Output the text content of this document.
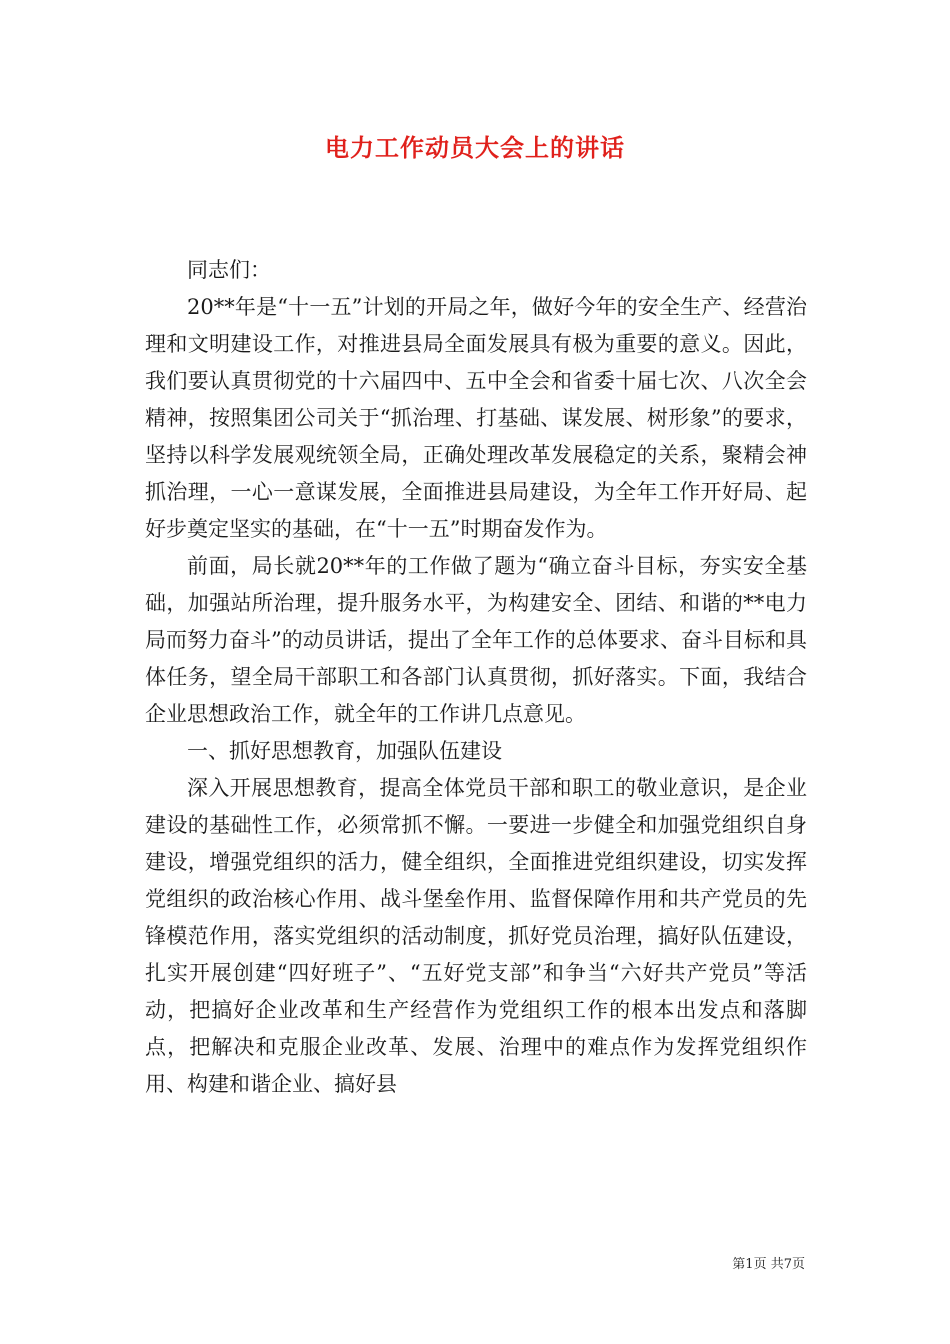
电力工作动员大会上的讲话

同志们：

20**年是“十一五”计划的开局之年，做好今年的安全生产、经营治理和文明建设工作，对推进县局全面发展具有极为重要的意义。因此，我们要认真贯彻党的十六届四中、五中全会和省委十届七次、八次全会精神，按照集团公司关于“抓治理、打基础、谋发展、树形象”的要求，坚持以科学发展观统领全局，正确处理改革发展稳定的关系，聚精会神抓治理，一心一意谋发展，全面推进县局建设，为全年工作开好局、起好步奠定坚实的基础，在“十一五”时期奋发作为。

前面，局长就20**年的工作做了题为“确立奋斗目标，夯实安全基础，加强站所治理，提升服务水平，为构建安全、团结、和谐的**电力局而努力奋斗”的动员讲话，提出了全年工作的总体要求、奋斗目标和具体任务，望全局干部职工和各部门认真贯彻，抓好落实。下面，我结合企业思想政治工作，就全年的工作讲几点意见。

一、抓好思想教育，加强队伍建设

深入开展思想教育，提高全体党员干部和职工的敬业意识，是企业建设的基础性工作，必须常抓不懈。一要进一步健全和加强党组织自身建设，增强党组织的活力，健全组织，全面推进党组织建设，切实发挥党组织的政治核心作用、战斗堡垒作用、监督保障作用和共产党员的先锋模范作用，落实党组织的活动制度，抓好党员治理，搞好队伍建设，扎实开展创建“四好班子”、“五好党支部”和争当“六好共产党员”等活动，把搞好企业改革和生产经营作为党组织工作的根本出发点和落脚点，把解决和克服企业改革、发展、治理中的难点作为发挥党组织作用、构建和谐企业、搞好县

第1页 共7页
